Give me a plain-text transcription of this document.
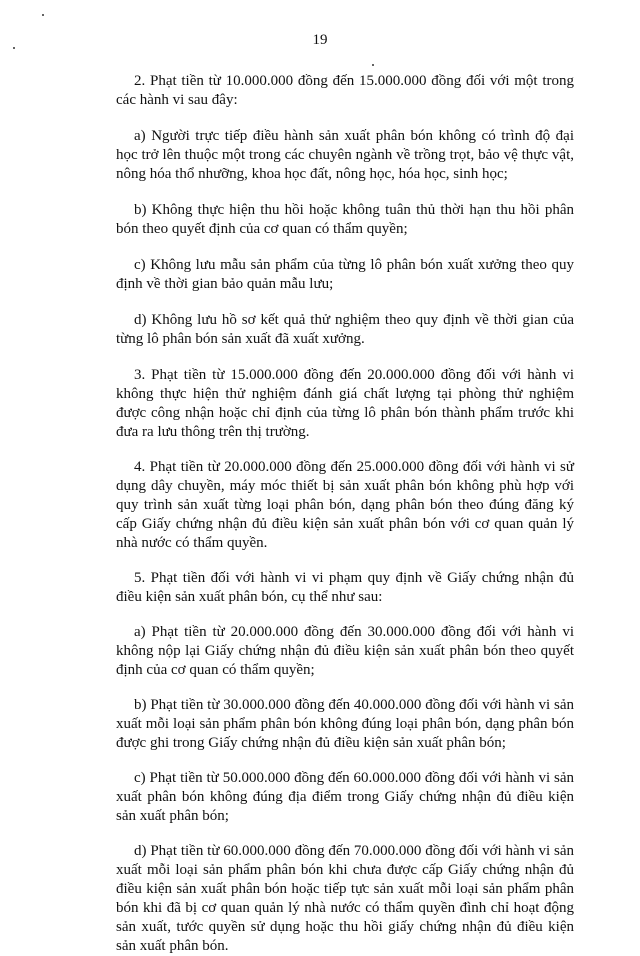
19

2. Phạt tiền từ 10.000.000 đồng đến 15.000.000 đồng đối với một trong các hành vi sau đây:

a) Người trực tiếp điều hành sản xuất phân bón không có trình độ đại học trở lên thuộc một trong các chuyên ngành về trồng trọt, bảo vệ thực vật, nông hóa thổ nhưỡng, khoa học đất, nông học, hóa học, sinh học;

b) Không thực hiện thu hồi hoặc không tuân thủ thời hạn thu hồi phân bón theo quyết định của cơ quan có thẩm quyền;

c) Không lưu mẫu sản phẩm của từng lô phân bón xuất xưởng theo quy định về thời gian bảo quản mẫu lưu;

d) Không lưu hồ sơ kết quả thử nghiệm theo quy định về thời gian của từng lô phân bón sản xuất đã xuất xưởng.

3. Phạt tiền từ 15.000.000 đồng đến 20.000.000 đồng đối với hành vi không thực hiện thử nghiệm đánh giá chất lượng tại phòng thử nghiệm được công nhận hoặc chỉ định của từng lô phân bón thành phẩm trước khi đưa ra lưu thông trên thị trường.

4. Phạt tiền từ 20.000.000 đồng đến 25.000.000 đồng đối với hành vi sử dụng dây chuyền, máy móc thiết bị sản xuất phân bón không phù hợp với quy trình sản xuất từng loại phân bón, dạng phân bón theo đúng đăng ký cấp Giấy chứng nhận đủ điều kiện sản xuất phân bón với cơ quan quản lý nhà nước có thẩm quyền.

5. Phạt tiền đối với hành vi vi phạm quy định về Giấy chứng nhận đủ điều kiện sản xuất phân bón, cụ thể như sau:

a) Phạt tiền từ 20.000.000 đồng đến 30.000.000 đồng đối với hành vi không nộp lại Giấy chứng nhận đủ điều kiện sản xuất phân bón theo quyết định của cơ quan có thẩm quyền;

b) Phạt tiền từ 30.000.000 đồng đến 40.000.000 đồng đối với hành vi sản xuất mỗi loại sản phẩm phân bón không đúng loại phân bón, dạng phân bón được ghi trong Giấy chứng nhận đủ điều kiện sản xuất phân bón;

c) Phạt tiền từ 50.000.000 đồng đến 60.000.000 đồng đối với hành vi sản xuất phân bón không đúng địa điểm trong Giấy chứng nhận đủ điều kiện sản xuất phân bón;

d) Phạt tiền từ 60.000.000 đồng đến 70.000.000 đồng đối với hành vi sản xuất mỗi loại sản phẩm phân bón khi chưa được cấp Giấy chứng nhận đủ điều kiện sản xuất phân bón hoặc tiếp tục sản xuất mỗi loại sản phẩm phân bón khi đã bị cơ quan quản lý nhà nước có thẩm quyền đình chỉ hoạt động sản xuất, tước quyền sử dụng hoặc thu hồi giấy chứng nhận đủ điều kiện sản xuất phân bón.
